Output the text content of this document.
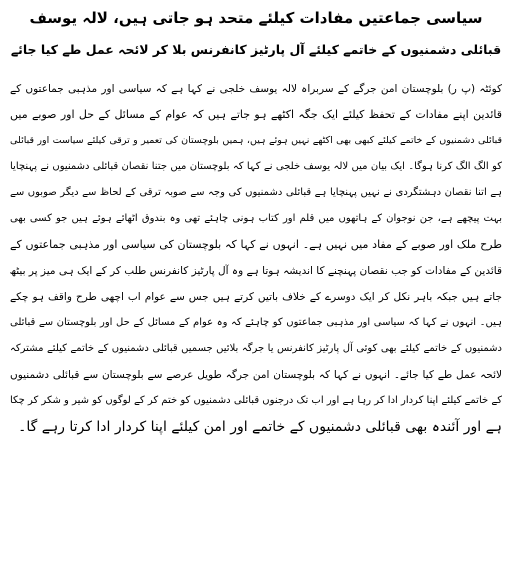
سیاسی جماعتیں مفادات کیلئے متحد ہو جاتی ہیں، لالہ یوسف
قبائلی دشمنیوں کے خاتمے کیلئے آل پارٹیز کانفرنس بلا کر لائحہ عمل طے کیا جائے
کوئٹہ (پ ر) بلوچستان امن جرگے کے سربراہ لالہ یوسف خلجی نے کہا ہے کہ سیاسی اور مذہبی جماعتوں کے
قائدین اپنے مفادات کے تحفظ کیلئے ایک جگہ اکٹھے ہو جاتے ہیں کہ عوام کے مسائل کے حل اور صوبے میں
قبائلی دشمنیوں کے خاتمے کیلئے کبھی بھی اکٹھے نہیں ہوئے ہیں، ہمیں بلوچستان کی تعمیر و ترقی کیلئے سیاست اور قبائلی
کو الگ الگ کرنا ہوگا۔ ایک بیان میں لالہ یوسف خلجی نے کہا کہ بلوچستان میں جتنا نقصان قبائلی دشمنیوں نے پہنچایا
ہے اتنا نقصان دہشتگردی نے نہیں پہنچایا ہے قبائلی دشمنیوں کی وجہ سے صوبہ ترقی کے لحاظ سے دیگر صوبوں سے
بہت پیچھے ہے، جن نوجوان کے ہاتھوں میں قلم اور کتاب ہونی چاہئے تھی وہ بندوق اٹھائے ہوئے ہیں جو کسی بھی
طرح ملک اور صوبے کے مفاد میں نہیں ہے۔ انہوں نے کہا کہ بلوچستان کی سیاسی اور مذہبی جماعتوں کے
قائدین کے مفادات کو جب نقصان پہنچنے کا اندیشہ ہوتا ہے وہ آل پارٹیز کانفرنس طلب کر کے ایک ہی میز پر بیٹھ
جاتے ہیں جبکہ باہر نکل کر ایک دوسرے کے خلاف باتیں کرتے ہیں جس سے عوام اب اچھی طرح واقف ہو چکے
ہیں۔ انہوں نے کہا کہ سیاسی اور مذہبی جماعتوں کو چاہئے کہ وہ عوام کے مسائل کے حل اور بلوچستان سے قبائلی
دشمنیوں کے خاتمے کیلئے بھی کوئی آل پارٹیز کانفرنس یا جرگہ بلائیں جسمیں قبائلی دشمنیوں کے خاتمے کیلئے مشترکہ
لائحہ عمل طے کیا جائے۔ انہوں نے کہا کہ بلوچستان امن جرگہ طویل عرصے سے بلوچستان سے قبائلی دشمنیوں
کے خاتمے کیلئے اپنا کردار ادا کر رہا ہے اور اب تک درجنوں قبائلی دشمنیوں کو ختم کر کے لوگوں کو شیر و شکر کر چکا
ہے اور آئندہ بھی قبائلی دشمنیوں کے خاتمے اور امن کیلئے اپنا کردار ادا کرتا رہے گا۔
